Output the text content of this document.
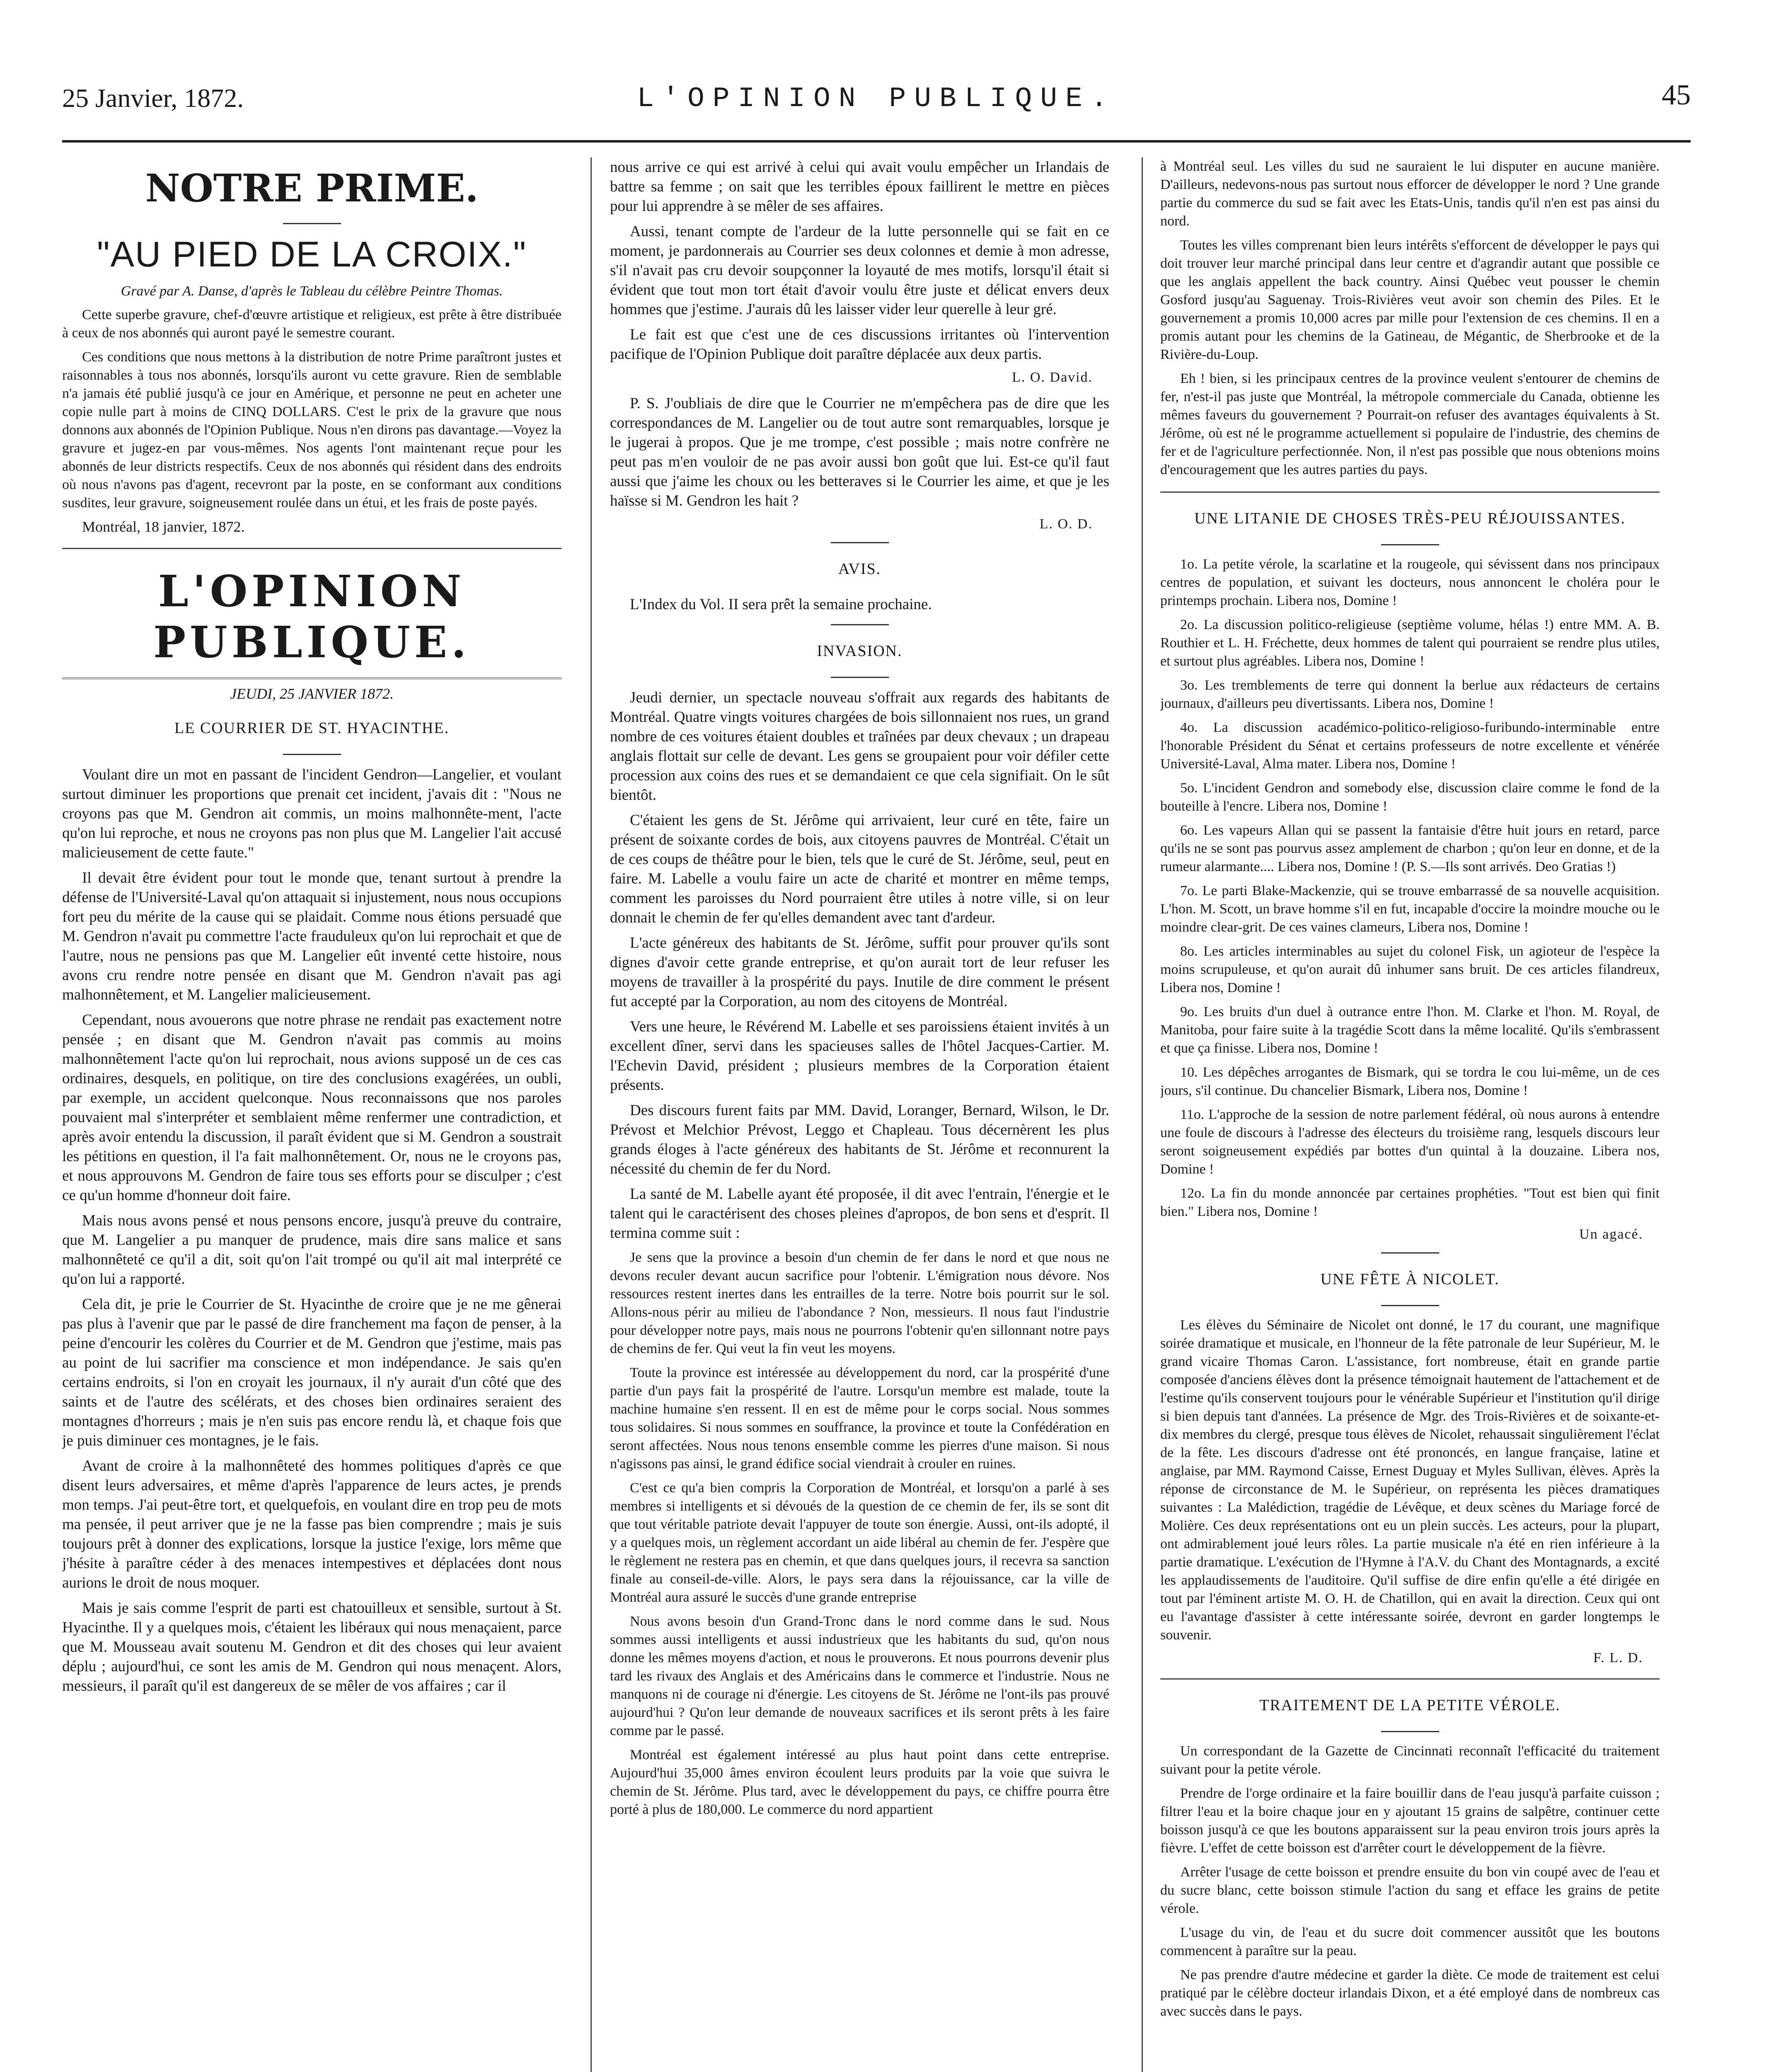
25 Janvier, 1872.	L'OPINION PUBLIQUE.	45
NOTRE PRIME.
"AU PIED DE LA CROIX."
Gravé par A. Danse, d'après le Tableau du célèbre Peintre Thomas.

Cette superbe gravure, chef-d'œuvre artistique et religieux, est prête à être distribuée à ceux de nos abonnés qui auront payé le semestre courant.

Ces conditions que nous mettons à la distribution de notre Prime paraîtront justes et raisonnables à tous nos abonnés, lorsqu'ils auront vu cette gravure. Rien de semblable n'a jamais été publié jusqu'à ce jour en Amérique, et personne ne peut en acheter une copie nulle part à moins de CINQ DOLLARS. C'est le prix de la gravure que nous donnons aux abonnés de l'Opinion Publique. Nous n'en dirons pas davantage.—Voyez la gravure et jugez-en par vous-mêmes. Nos agents l'ont maintenant reçue pour les abonnés de leur districts respectifs. Ceux de nos abonnés qui résident dans des endroits où nous n'avons pas d'agent, recevront par la poste, en se conformant aux conditions susdites, leur gravure, soigneusement roulée dans un étui, et les frais de poste payés.

Montréal, 18 janvier, 1872.
L'OPINION PUBLIQUE.
JEUDI, 25 JANVIER 1872.
LE COURRIER DE ST. HYACINTHE.

Voulant dire un mot en passant de l'incident Gendron—Langelier, et voulant surtout diminuer les proportions que prenait cet incident, j'avais dit : "Nous ne croyons pas que M. Gendron ait commis, un moins malhonnête-ment, l'acte qu'on lui reproche, et nous ne croyons pas non plus que M. Langelier l'ait accusé malicieusement de cette faute."

Il devait être évident pour tout le monde que, tenant surtout à prendre la défense de l'Université-Laval qu'on attaquait si injustement, nous nous occupions fort peu du mérite de la cause qui se plaidait. Comme nous étions persuadé que M. Gendron n'avait pu commettre l'acte frauduleux qu'on lui reprochait et que de l'autre, nous ne pensions pas que M. Langelier eût inventé cette histoire, nous avons cru rendre notre pensée en disant que M. Gendron n'avait pas agi malhonnêtement, et M. Langelier malicieusement.

Cependant, nous avouerons que notre phrase ne rendait pas exactement notre pensée ; en disant que M. Gendron n'avait pas commis au moins malhonnêtement l'acte qu'on lui reprochait, nous avions supposé un de ces cas ordinaires, desquels, en politique, on tire des conclusions exagérées, un oubli, par exemple, un accident quelconque. Nous reconnaissons que nos paroles pouvaient mal s'interpréter et semblaient même renfermer une contradiction, et après avoir entendu la discussion, il paraît évident que si M. Gendron a soustrait les pétitions en question, il l'a fait malhonnêtement. Or, nous ne le croyons pas, et nous approuvons M. Gendron de faire tous ses efforts pour se disculper ; c'est ce qu'un homme d'honneur doit faire.

Mais nous avons pensé et nous pensons encore, jusqu'à preuve du contraire, que M. Langelier a pu manquer de prudence, mais dire sans malice et sans malhonnêteté ce qu'il a dit, soit qu'on l'ait trompé ou qu'il ait mal interprété ce qu'on lui a rapporté.

Cela dit, je prie le Courrier de St. Hyacinthe de croire que je ne me gênerai pas plus à l'avenir que par le passé de dire franchement ma façon de penser, à la peine d'encourir les colères du Courrier et de M. Gendron que j'estime, mais pas au point de lui sacrifier ma conscience et mon indépendance. Je sais qu'en certains endroits, si l'on en croyait les journaux, il n'y aurait d'un côté que des saints et de l'autre des scélérats, et des choses bien ordinaires seraient des montagnes d'horreurs ; mais je n'en suis pas encore rendu là, et chaque fois que je puis diminuer ces montagnes, je le fais.

Avant de croire à la malhonnêteté des hommes politiques d'après ce que disent leurs adversaires, et même d'après l'apparence de leurs actes, je prends mon temps. J'ai peut-être tort, et quelquefois, en voulant dire en trop peu de mots ma pensée, il peut arriver que je ne la fasse pas bien comprendre ; mais je suis toujours prêt à donner des explications, lorsque la justice l'exige, lors même que j'hésite à paraître céder à des menaces intempestives et déplacées dont nous aurions le droit de nous moquer.

Mais je sais comme l'esprit de parti est chatouilleux et sensible, surtout à St. Hyacinthe. Il y a quelques mois, c'étaient les libéraux qui nous menaçaient, parce que M. Mousseau avait soutenu M. Gendron et dit des choses qui leur avaient déplu ; aujourd'hui, ce sont les amis de M. Gendron qui nous menaçent. Alors, messieurs, il paraît qu'il est dangereux de se mêler de vos affaires ; car il

nous arrive ce qui est arrivé à celui qui avait voulu empêcher un Irlandais de battre sa femme ; on sait que les terribles époux faillirent le mettre en pièces pour lui apprendre à se mêler de ses affaires.

Aussi, tenant compte de l'ardeur de la lutte personnelle qui se fait en ce moment, je pardonnerais au Courrier ses deux colonnes et demie à mon adresse, s'il n'avait pas cru devoir soupçonner la loyauté de mes motifs, lorsqu'il était si évident que tout mon tort était d'avoir voulu être juste et délicat envers deux hommes que j'estime. J'aurais dû les laisser vider leur querelle à leur gré.

Le fait est que c'est une de ces discussions irritantes où l'intervention pacifique de l'Opinion Publique doit paraître déplacée aux deux partis.

L. O. David.

P. S. J'oubliais de dire que le Courrier ne m'empêchera pas de dire que les correspondances de M. Langelier ou de tout autre sont remarquables, lorsque je le jugerai à propos. Que je me trompe, c'est possible ; mais notre confrère ne peut pas m'en vouloir de ne pas avoir aussi bon goût que lui. Est-ce qu'il faut aussi que j'aime les choux ou les betteraves si le Courrier les aime, et que je les haïsse si M. Gendron les hait ?

L. O. D.
AVIS.

L'Index du Vol. II sera prêt la semaine prochaine.

INVASION.

Jeudi dernier, un spectacle nouveau s'offrait aux regards des habitants de Montréal. Quatre vingts voitures chargées de bois sillonnaient nos rues, un grand nombre de ces voitures étaient doubles et traînées par deux chevaux ; un drapeau anglais flottait sur celle de devant. Les gens se groupaient pour voir défiler cette procession aux coins des rues et se demandaient ce que cela signifiait. On le sût bientôt.

C'étaient les gens de St. Jérôme qui arrivaient, leur curé en tête, faire un présent de soixante cordes de bois, aux citoyens pauvres de Montréal. C'était un de ces coups de théâtre pour le bien, tels que le curé de St. Jérôme, seul, peut en faire. M. Labelle a voulu faire un acte de charité et montrer en même temps, comment les paroisses du Nord pourraient être utiles à notre ville, si on leur donnait le chemin de fer qu'elles demandent avec tant d'ardeur.

L'acte généreux des habitants de St. Jérôme, suffit pour prouver qu'ils sont dignes d'avoir cette grande entreprise, et qu'on aurait tort de leur refuser les moyens de travailler à la prospérité du pays. Inutile de dire comment le présent fut accepté par la Corporation, au nom des citoyens de Montréal.

Vers une heure, le Révérend M. Labelle et ses paroissiens étaient invités à un excellent dîner, servi dans les spacieuses salles de l'hôtel Jacques-Cartier. M. l'Echevin David, président ; plusieurs membres de la Corporation étaient présents.

Des discours furent faits par MM. David, Loranger, Bernard, Wilson, le Dr. Prévost et Melchior Prévost, Leggo et Chapleau. Tous décernèrent les plus grands éloges à l'acte généreux des habitants de St. Jérôme et reconnurent la nécessité du chemin de fer du Nord.

La santé de M. Labelle ayant été proposée, il dit avec l'entrain, l'énergie et le talent qui le caractérisent des choses pleines d'apropos, de bon sens et d'esprit. Il termina comme suit :

Je sens que la province a besoin d'un chemin de fer dans le nord et que nous ne devons reculer devant aucun sacrifice pour l'obtenir. L'émigration nous dévore. Nos ressources restent inertes dans les entrailles de la terre. Notre bois pourrit sur le sol. Allons-nous périr au milieu de l'abondance ? Non, messieurs. Il nous faut l'industrie pour développer notre pays, mais nous ne pourrons l'obtenir qu'en sillonnant notre pays de chemins de fer. Qui veut la fin veut les moyens.

Toute la province est intéressée au développement du nord, car la prospérité d'une partie d'un pays fait la prospérité de l'autre. Lorsqu'un membre est malade, toute la machine humaine s'en ressent. Il en est de même pour le corps social. Nous sommes tous solidaires. Si nous sommes en souffrance, la province et toute la Confédération en seront affectées. Nous nous tenons ensemble comme les pierres d'une maison. Si nous n'agissons pas ainsi, le grand édifice social viendrait à crouler en ruines.

C'est ce qu'a bien compris la Corporation de Montréal, et lorsqu'on a parlé à ses membres si intelligents et si dévoués de la question de ce chemin de fer, ils se sont dit que tout véritable patriote devait l'appuyer de toute son énergie. Aussi, ont-ils adopté, il y a quelques mois, un règlement accordant un aide libéral au chemin de fer. J'espère que le règlement ne restera pas en chemin, et que dans quelques jours, il recevra sa sanction finale au conseil-de-ville. Alors, le pays sera dans la réjouissance, car la ville de Montréal aura assuré le succès d'une grande entreprise

Nous avons besoin d'un Grand-Tronc dans le nord comme dans le sud. Nous sommes aussi intelligents et aussi industrieux que les habitants du sud, qu'on nous donne les mêmes moyens d'action, et nous le prouverons. Et nous pourrons devenir plus tard les rivaux des Anglais et des Américains dans le commerce et l'industrie. Nous ne manquons ni de courage ni d'énergie. Les citoyens de St. Jérôme ne l'ont-ils pas prouvé aujourd'hui ? Qu'on leur demande de nouveaux sacrifices et ils seront prêts à les faire comme par le passé.

Montréal est également intéressé au plus haut point dans cette entreprise. Aujourd'hui 35,000 âmes environ écoulent leurs produits par la voie que suivra le chemin de St. Jérôme. Plus tard, avec le développement du pays, ce chiffre pourra être porté à plus de 180,000. Le commerce du nord appartient

à Montréal seul. Les villes du sud ne sauraient le lui disputer en aucune manière. D'ailleurs, nedevons-nous pas surtout nous efforcer de développer le nord ? Une grande partie du commerce du sud se fait avec les Etats-Unis, tandis qu'il n'en est pas ainsi du nord.

Toutes les villes comprenant bien leurs intérêts s'efforcent de développer le pays qui doit trouver leur marché principal dans leur centre et d'agrandir autant que possible ce que les anglais appellent the back country. Ainsi Québec veut pousser le chemin Gosford jusqu'au Saguenay. Trois-Rivières veut avoir son chemin des Piles. Et le gouvernement a promis 10,000 acres par mille pour l'extension de ces chemins. Il en a promis autant pour les chemins de la Gatineau, de Mégantic, de Sherbrooke et de la Rivière-du-Loup.

Eh ! bien, si les principaux centres de la province veulent s'entourer de chemins de fer, n'est-il pas juste que Montréal, la métropole commerciale du Canada, obtienne les mêmes faveurs du gouvernement ? Pourrait-on refuser des avantages équivalents à St. Jérôme, où est né le programme actuellement si populaire de l'industrie, des chemins de fer et de l'agriculture perfectionnée. Non, il n'est pas possible que nous obtenions moins d'encouragement que les autres parties du pays.

UNE LITANIE DE CHOSES TRÈS-PEU RÉJOUISSANTES.

1o. La petite vérole, la scarlatine et la rougeole, qui sévissent dans nos principaux centres de population, et suivant les docteurs, nous annoncent le choléra pour le printemps prochain. Libera nos, Domine !

2o. La discussion politico-religieuse (septième volume, hélas !) entre MM. A. B. Routhier et L. H. Fréchette, deux hommes de talent qui pourraient se rendre plus utiles, et surtout plus agréables. Libera nos, Domine !

3o. Les tremblements de terre qui donnent la berlue aux rédacteurs de certains journaux, d'ailleurs peu divertissants. Libera nos, Domine !

4o. La discussion académico-politico-religioso-furibundo-interminable entre l'honorable Président du Sénat et certains professeurs de notre excellente et vénérée Université-Laval, Alma mater. Libera nos, Domine !

5o. L'incident Gendron and somebody else, discussion claire comme le fond de la bouteille à l'encre. Libera nos, Domine !

6o. Les vapeurs Allan qui se passent la fantaisie d'être huit jours en retard, parce qu'ils ne se sont pas pourvus assez amplement de charbon ; qu'on leur en donne, et de la rumeur alarmante.... Libera nos, Domine ! (P. S.—Ils sont arrivés. Deo Gratias !)

7o. Le parti Blake-Mackenzie, qui se trouve embarrassé de sa nouvelle acquisition. L'hon. M. Scott, un brave homme s'il en fut, incapable d'occire la moindre mouche ou le moindre clear-grit. De ces vaines clameurs, Libera nos, Domine !

8o. Les articles interminables au sujet du colonel Fisk, un agioteur de l'espèce la moins scrupuleuse, et qu'on aurait dû inhumer sans bruit. De ces articles filandreux, Libera nos, Domine !

9o. Les bruits d'un duel à outrance entre l'hon. M. Clarke et l'hon. M. Royal, de Manitoba, pour faire suite à la tragédie Scott dans la même localité. Qu'ils s'embrassent et que ça finisse. Libera nos, Domine !

10. Les dépêches arrogantes de Bismark, qui se tordra le cou lui-même, un de ces jours, s'il continue. Du chancelier Bismark, Libera nos, Domine !

11o. L'approche de la session de notre parlement fédéral, où nous aurons à entendre une foule de discours à l'adresse des électeurs du troisième rang, lesquels discours leur seront soigneusement expédiés par bottes d'un quintal à la douzaine. Libera nos, Domine !

12o. La fin du monde annoncée par certaines prophéties. "Tout est bien qui finit bien." Libera nos, Domine !

Un agacé.
UNE FÊTE À NICOLET.

Les élèves du Séminaire de Nicolet ont donné, le 17 du courant, une magnifique soirée dramatique et musicale, en l'honneur de la fête patronale de leur Supérieur, M. le grand vicaire Thomas Caron. L'assistance, fort nombreuse, était en grande partie composée d'anciens élèves dont la présence témoignait hautement de l'attachement et de l'estime qu'ils conservent toujours pour le vénérable Supérieur et l'institution qu'il dirige si bien depuis tant d'années. La présence de Mgr. des Trois-Rivières et de soixante-et-dix membres du clergé, presque tous élèves de Nicolet, rehaussait singulièrement l'éclat de la fête. Les discours d'adresse ont été prononcés, en langue française, latine et anglaise, par MM. Raymond Caisse, Ernest Duguay et Myles Sullivan, élèves. Après la réponse de circonstance de M. le Supérieur, on représenta les pièces dramatiques suivantes : La Malédiction, tragédie de Lévêque, et deux scènes du Mariage forcé de Molière. Ces deux représentations ont eu un plein succès. Les acteurs, pour la plupart, ont admirablement joué leurs rôles. La partie musicale n'a été en rien inférieure à la partie dramatique. L'exécution de l'Hymne à l'A.V. du Chant des Montagnards, a excité les applaudissements de l'auditoire. Qu'il suffise de dire enfin qu'elle a été dirigée en tout par l'éminent artiste M. O. H. de Chatillon, qui en avait la direction. Ceux qui ont eu l'avantage d'assister à cette intéressante soirée, devront en garder longtemps le souvenir.

F. L. D.
TRAITEMENT DE LA PETITE VÉROLE.

Un correspondant de la Gazette de Cincinnati reconnaît l'efficacité du traitement suivant pour la petite vérole.

Prendre de l'orge ordinaire et la faire bouillir dans de l'eau jusqu'à parfaite cuisson ; filtrer l'eau et la boire chaque jour en y ajoutant 15 grains de salpêtre, continuer cette boisson jusqu'à ce que les boutons apparaissent sur la peau environ trois jours après la fièvre. L'effet de cette boisson est d'arrêter court le développement de la fièvre.

Arrêter l'usage de cette boisson et prendre ensuite du bon vin coupé avec de l'eau et du sucre blanc, cette boisson stimule l'action du sang et efface les grains de petite vérole.

L'usage du vin, de l'eau et du sucre doit commencer aussitôt que les boutons commencent à paraître sur la peau.

Ne pas prendre d'autre médecine et garder la diète. Ce mode de traitement est celui pratiqué par le célèbre docteur irlandais Dixon, et a été employé dans de nombreux cas avec succès dans le pays.
